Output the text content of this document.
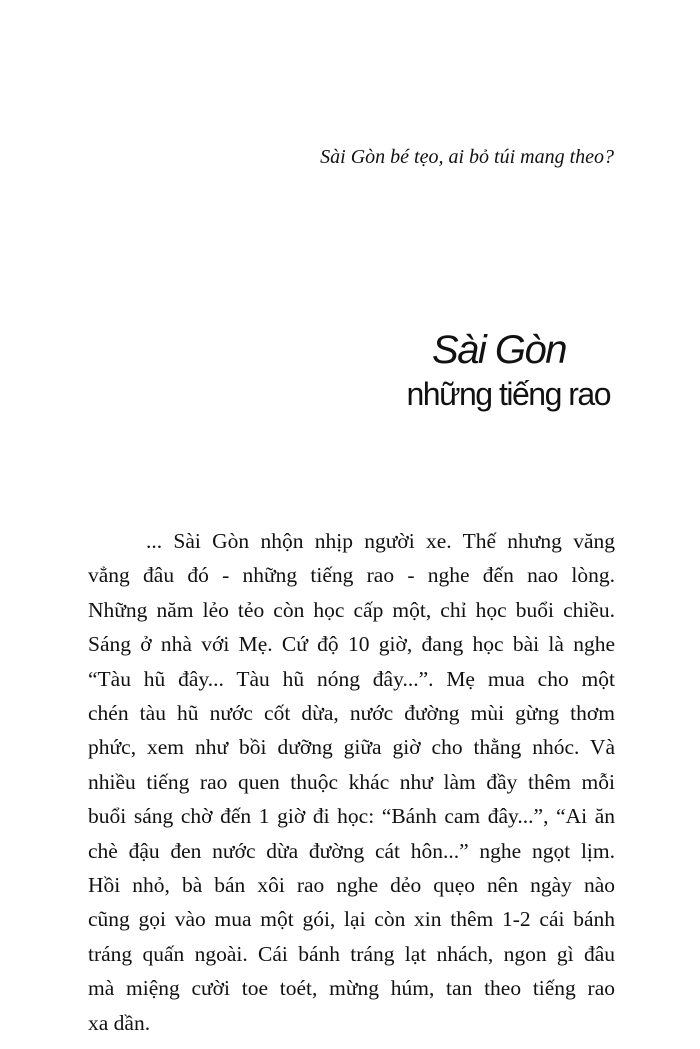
Sài Gòn bé tẹo, ai bỏ túi mang theo?
Sài Gòn
những tiếng rao
... Sài Gòn nhộn nhịp người xe. Thế nhưng văng
vẳng đâu đó - những tiếng rao - nghe đến nao lòng.
Những năm lẻo tẻo còn học cấp một, chỉ học buổi chiều.
Sáng ở nhà với Mẹ. Cứ độ 10 giờ, đang học bài là nghe
“Tàu hũ đây... Tàu hũ nóng đây...”. Mẹ mua cho một
chén tàu hũ nước cốt dừa, nước đường mùi gừng thơm
phức, xem như bồi dưỡng giữa giờ cho thằng nhóc. Và
nhiều tiếng rao quen thuộc khác như làm đầy thêm mỗi
buổi sáng chờ đến 1 giờ đi học: “Bánh cam đây...”, “Ai ăn
chè đậu đen nước dừa đường cát hôn...” nghe ngọt lịm.
Hồi nhỏ, bà bán xôi rao nghe dẻo quẹo nên ngày nào
cũng gọi vào mua một gói, lại còn xin thêm 1-2 cái bánh
tráng quấn ngoài. Cái bánh tráng lạt nhách, ngon gì đâu
mà miệng cười toe toét, mừng húm, tan theo tiếng rao
xa dần.
